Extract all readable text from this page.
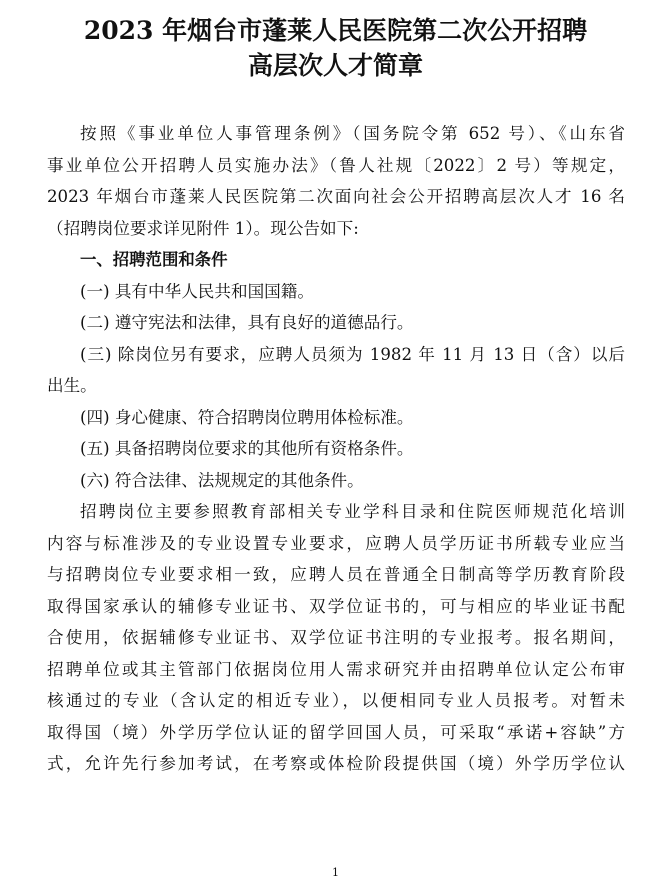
2023 年烟台市蓬莱人民医院第二次公开招聘
高层次人才简章
按照《事业单位人事管理条例》（国务院令第 652 号）、《山东省
事业单位公开招聘人员实施办法》（鲁人社规〔2022〕2 号）等规定，
2023 年烟台市蓬莱人民医院第二次面向社会公开招聘高层次人才 16 名
（招聘岗位要求详见附件 1）。现公告如下:
一、招聘范围和条件
(一) 具有中华人民共和国国籍。
(二) 遵守宪法和法律，具有良好的道德品行。
(三) 除岗位另有要求，应聘人员须为 1982 年 11 月 13 日（含）以后
出生。
(四) 身心健康、符合招聘岗位聘用体检标准。
(五) 具备招聘岗位要求的其他所有资格条件。
(六) 符合法律、法规规定的其他条件。
招聘岗位主要参照教育部相关专业学科目录和住院医师规范化培训
内容与标准涉及的专业设置专业要求，应聘人员学历证书所载专业应当
与招聘岗位专业要求相一致，应聘人员在普通全日制高等学历教育阶段
取得国家承认的辅修专业证书、双学位证书的，可与相应的毕业证书配
合使用，依据辅修专业证书、双学位证书注明的专业报考。报名期间，
招聘单位或其主管部门依据岗位用人需求研究并由招聘单位认定公布审
核通过的专业（含认定的相近专业），以便相同专业人员报考。对暂未
取得国（境）外学历学位认证的留学回国人员，可采取“承诺+容缺”方
式，允许先行参加考试，在考察或体检阶段提供国（境）外学历学位认
1
